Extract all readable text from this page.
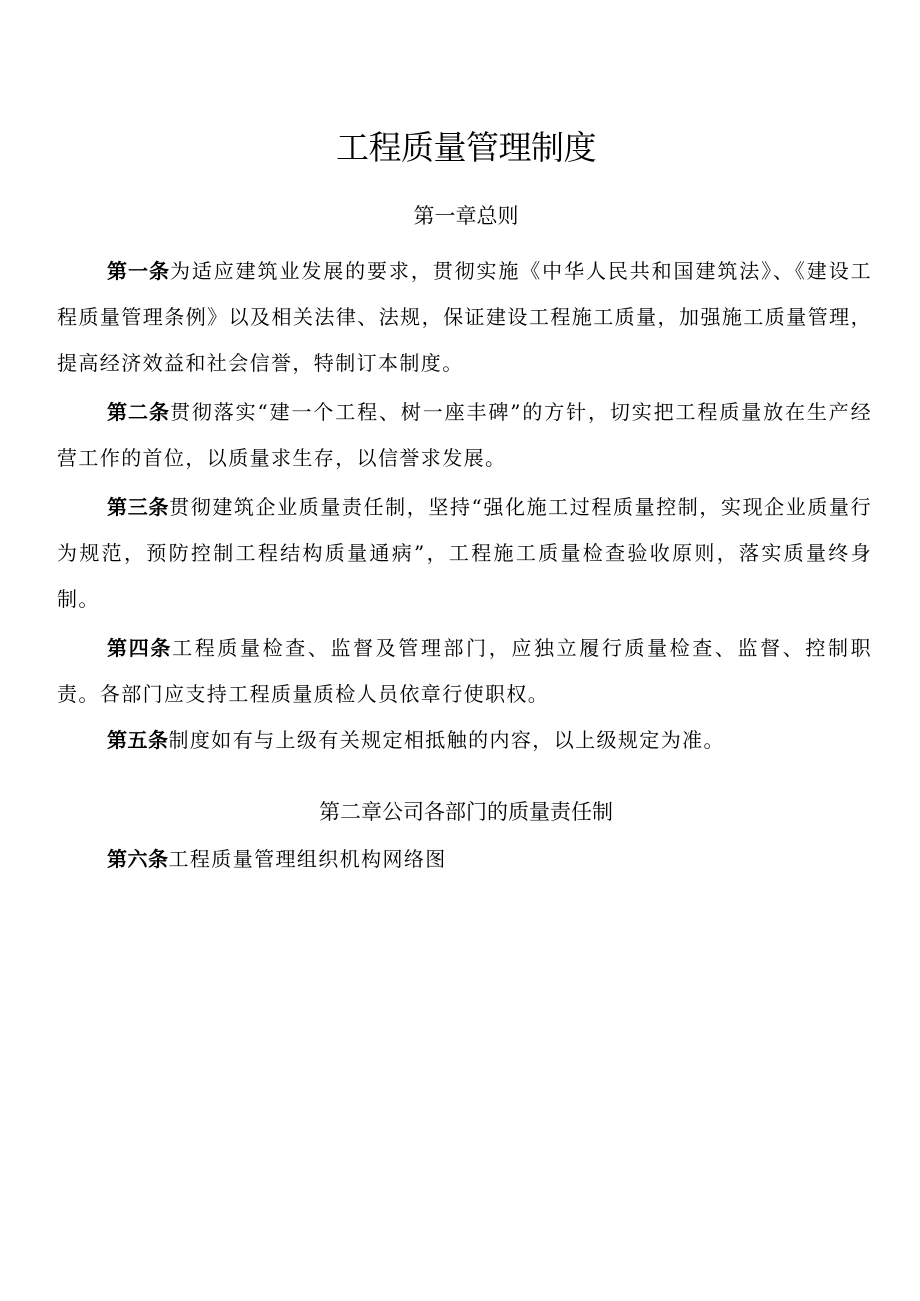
工程质量管理制度
第一章总则

第一条为适应建筑业发展的要求，贯彻实施《中华人民共和国建筑法》、《建设工程质量管理条例》以及相关法律、法规，保证建设工程施工质量，加强施工质量管理，提高经济效益和社会信誉，特制订本制度。

第二条贯彻落实“建一个工程、树一座丰碑”的方针，切实把工程质量放在生产经营工作的首位，以质量求生存，以信誉求发展。

第三条贯彻建筑企业质量责任制，坚持“强化施工过程质量控制，实现企业质量行为规范，预防控制工程结构质量通病”，工程施工质量检查验收原则，落实质量终身制。

第四条工程质量检查、监督及管理部门，应独立履行质量检查、监督、控制职责。各部门应支持工程质量质检人员依章行使职权。

第五条制度如有与上级有关规定相抵触的内容，以上级规定为准。

第二章公司各部门的质量责任制

第六条工程质量管理组织机构网络图
